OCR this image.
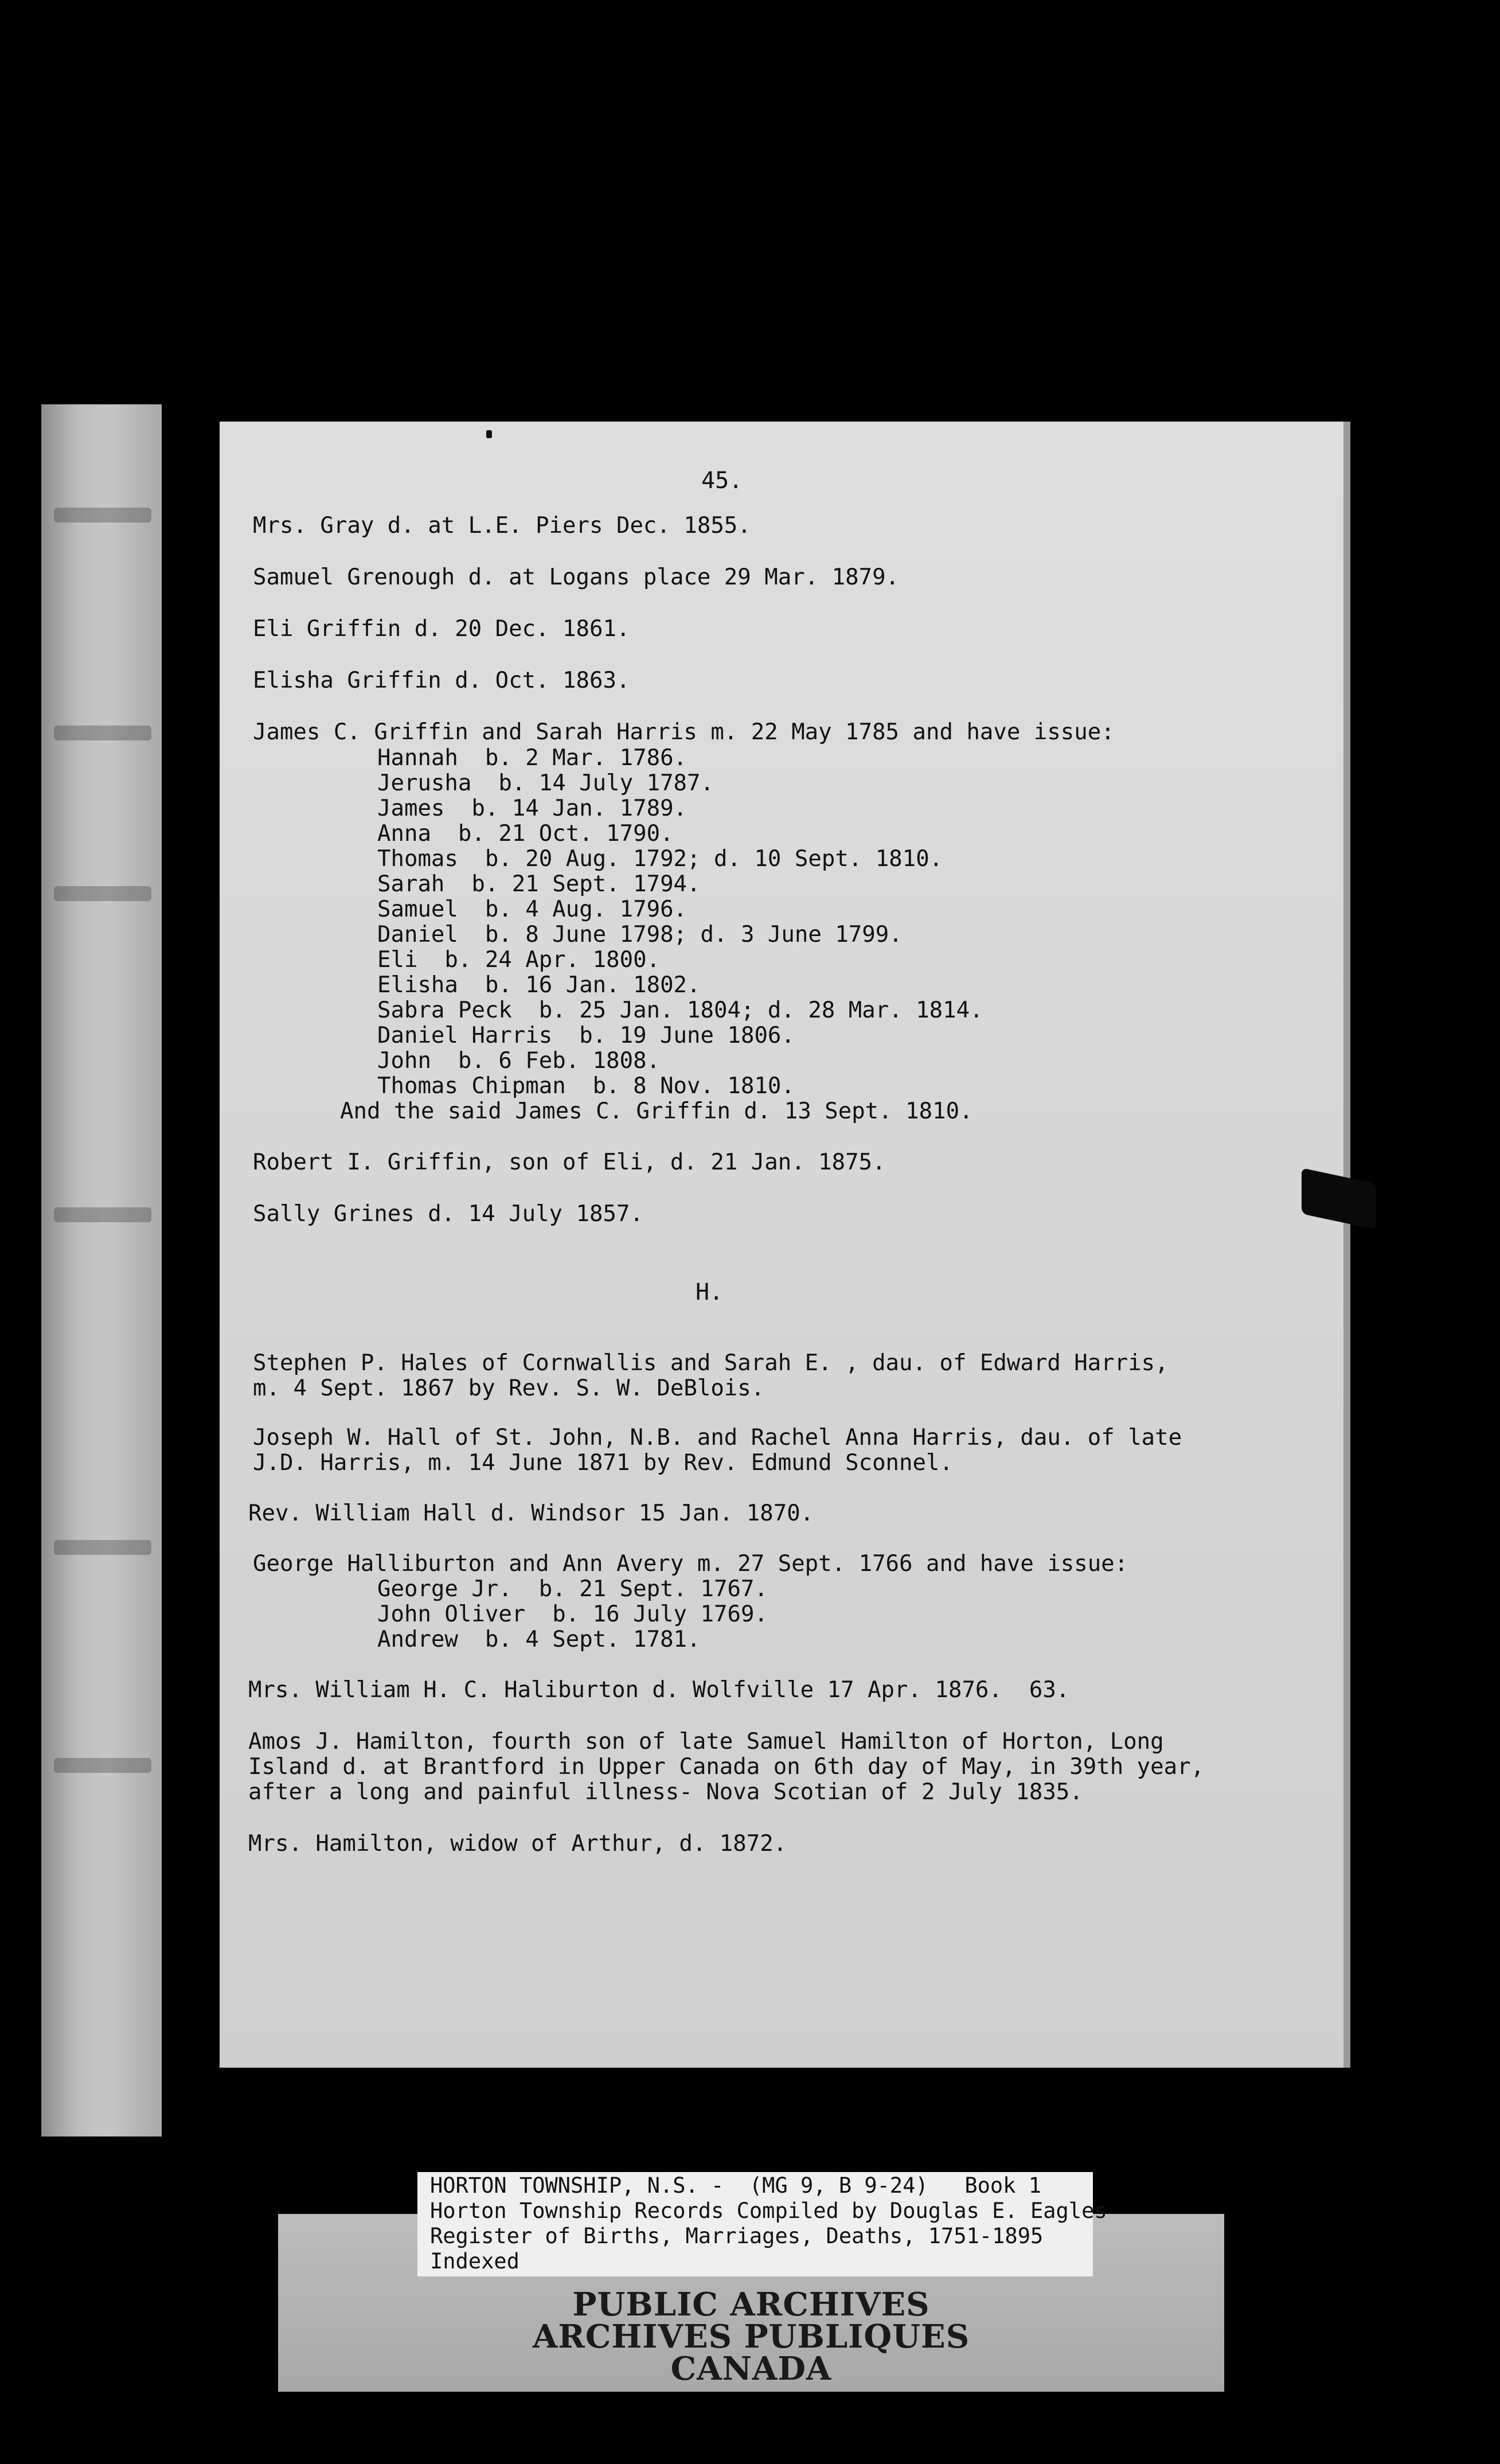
45.
Mrs. Gray d. at L.E. Piers Dec. 1855.
Samuel Grenough d. at Logans place 29 Mar. 1879.
Eli Griffin d. 20 Dec. 1861.
Elisha Griffin d. Oct. 1863.
James C. Griffin and Sarah Harris m. 22 May 1785 and have issue:
Hannah  b. 2 Mar. 1786.
Jerusha  b. 14 July 1787.
James  b. 14 Jan. 1789.
Anna  b. 21 Oct. 1790.
Thomas  b. 20 Aug. 1792; d. 10 Sept. 1810.
Sarah  b. 21 Sept. 1794.
Samuel  b. 4 Aug. 1796.
Daniel  b. 8 June 1798; d. 3 June 1799.
Eli  b. 24 Apr. 1800.
Elisha  b. 16 Jan. 1802.
Sabra Peck  b. 25 Jan. 1804; d. 28 Mar. 1814.
Daniel Harris  b. 19 June 1806.
John  b. 6 Feb. 1808.
Thomas Chipman  b. 8 Nov. 1810.
And the said James C. Griffin d. 13 Sept. 1810.
Robert I. Griffin, son of Eli, d. 21 Jan. 1875.
Sally Grines d. 14 July 1857.
H.
Stephen P. Hales of Cornwallis and Sarah E. , dau. of Edward Harris,
m. 4 Sept. 1867 by Rev. S. W. DeBlois.
Joseph W. Hall of St. John, N.B. and Rachel Anna Harris, dau. of late
J.D. Harris, m. 14 June 1871 by Rev. Edmund Sconnel.
Rev. William Hall d. Windsor 15 Jan. 1870.
George Halliburton and Ann Avery m. 27 Sept. 1766 and have issue:
George Jr.  b. 21 Sept. 1767.
John Oliver  b. 16 July 1769.
Andrew  b. 4 Sept. 1781.
Mrs. William H. C. Haliburton d. Wolfville 17 Apr. 1876.  63.
Amos J. Hamilton, fourth son of late Samuel Hamilton of Horton, Long
Island d. at Brantford in Upper Canada on 6th day of May, in 39th year,
after a long and painful illness- Nova Scotian of 2 July 1835.
Mrs. Hamilton, widow of Arthur, d. 1872.
PUBLIC ARCHIVES
ARCHIVES PUBLIQUES
CANADA
HORTON TOWNSHIP, N.S. -  (MG 9, B 9-24)	Book 1
Horton Township Records Compiled by Douglas E. Eagles
Register of Births, Marriages, Deaths, 1751-1895
Indexed
